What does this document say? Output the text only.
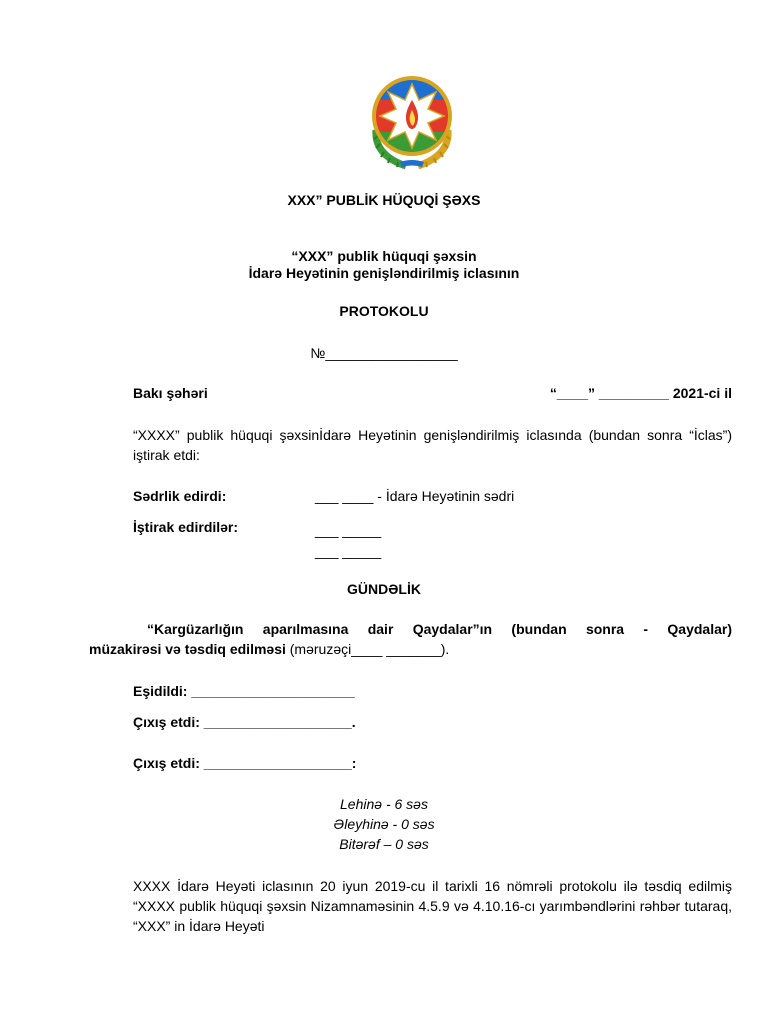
XXX” PUBLİK HÜQUQİ ŞƏXS
“XXX” publik hüquqi şəxsin
İdarə Heyətinin genişləndirilmiş iclasının
PROTOKOLU
№_________________
Bakı şəhəri	“____” _________ 2021-ci il
“XXXX” publik hüquqi şəxsinİdarə Heyətinin genişləndirilmiş iclasında (bundan sonra “İclas”) iştirak etdi:
Sədrlik edirdi:	___ ____ - İdarə Heyətinin sədri
İştirak edirdilər:	___ _____
___ _____
GÜNDƏLİK
“Kargüzarlığın aparılmasına dair Qaydalar”ın (bundan sonra - Qaydalar)
müzakirəsi və təsdiq edilməsi (məruzəçi____ _______).
Eşidildi: _____________________
Çıxış etdi: ___________________.
Çıxış etdi: ___________________:
Lehinə - 6 səs
Əleyhinə - 0 səs
Bitərəf – 0 səs
XXXX İdarə Heyəti iclasının 20 iyun 2019-cu il tarixli 16 nömrəli protokolu ilə təsdiq edilmiş “XXXX publik hüquqi şəxsin Nizamnaməsinin 4.5.9 və 4.10.16-cı yarımbəndlərini rəhbər tutaraq, “XXX” in İdarə Heyəti
